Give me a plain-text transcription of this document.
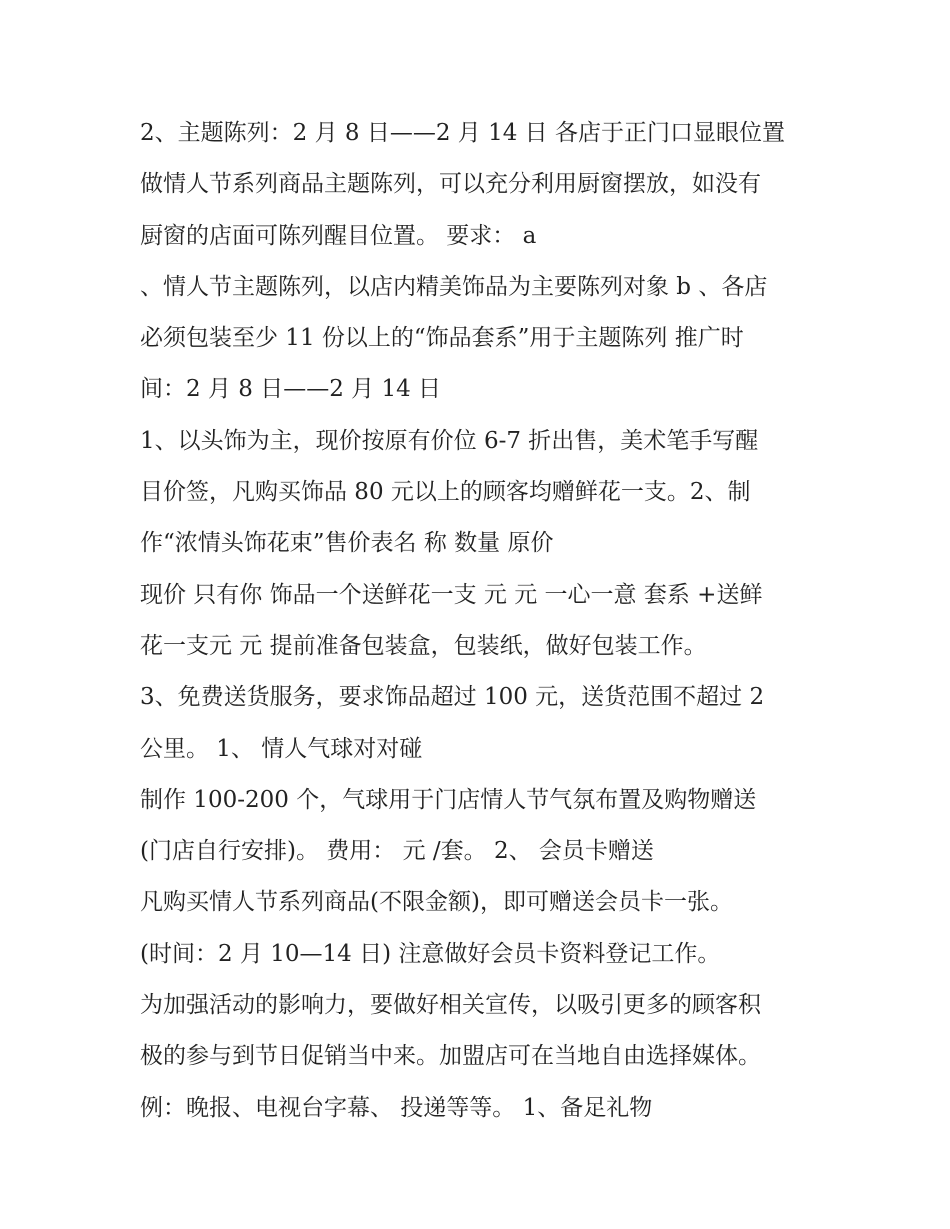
2、主题陈列：2 月 8 日——2 月 14 日 各店于正门口显眼位置

做情人节系列商品主题陈列，可以充分利用厨窗摆放，如没有

厨窗的店面可陈列醒目位置。 要求： a

、情人节主题陈列，以店内精美饰品为主要陈列对象 b 、各店

必须包装至少 11 份以上的“饰品套系”用于主题陈列 推广时

间：2 月 8 日——2 月 14 日

1、以头饰为主，现价按原有价位 6-7 折出售，美术笔手写醒

目价签，凡购买饰品 80 元以上的顾客均赠鲜花一支。2、制

作“浓情头饰花束”售价表名 称 数量 原价

现价 只有你 饰品一个送鲜花一支 元 元 一心一意 套系 +送鲜

花一支元 元 提前准备包装盒，包装纸，做好包装工作。

3、免费送货服务，要求饰品超过 100 元，送货范围不超过 2

公里。 1、 情人气球对对碰

制作 100-200 个，气球用于门店情人节气氛布置及购物赠送

(门店自行安排)。 费用： 元 /套。 2、 会员卡赠送

凡购买情人节系列商品(不限金额)，即可赠送会员卡一张。

(时间：2 月 10—14 日) 注意做好会员卡资料登记工作。

为加强活动的影响力，要做好相关宣传，以吸引更多的顾客积

极的参与到节日促销当中来。加盟店可在当地自由选择媒体。

例：晚报、电视台字幕、 投递等等。 1、备足礼物
